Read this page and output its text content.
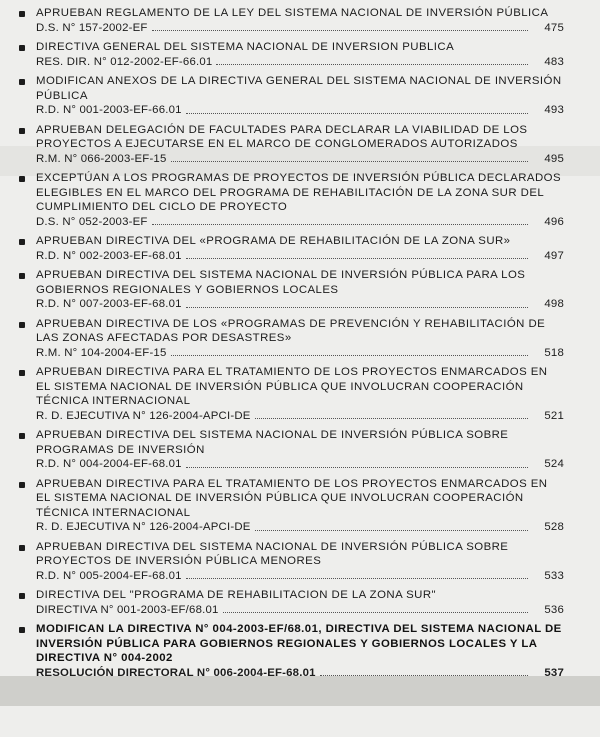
APRUEBAN REGLAMENTO DE LA LEY DEL SISTEMA NACIONAL DE INVERSIÓN PÚBLICA

D.S. N° 157-2002-EF	475

DIRECTIVA GENERAL DEL SISTEMA NACIONAL DE INVERSION PUBLICA

RES. DIR. N° 012-2002-EF-66.01	483

MODIFICAN ANEXOS DE LA DIRECTIVA GENERAL DEL SISTEMA NACIONAL DE INVERSIÓN PÚBLICA

R.D. N° 001-2003-EF-66.01	493

APRUEBAN DELEGACIÓN DE FACULTADES PARA DECLARAR LA VIABILIDAD DE LOS PROYECTOS A EJECUTARSE EN EL MARCO DE CONGLOMERADOS AUTORIZADOS

R.M. N° 066-2003-EF-15	495

EXCEPTÚAN A LOS PROGRAMAS DE PROYECTOS DE INVERSIÓN PÚBLICA DECLARADOS ELEGIBLES EN EL MARCO DEL PROGRAMA DE REHABILITACIÓN DE LA ZONA SUR DEL CUMPLIMIENTO DEL CICLO DE PROYECTO

D.S. N° 052-2003-EF	496

APRUEBAN DIRECTIVA DEL «PROGRAMA DE REHABILITACIÓN DE LA ZONA SUR»

R.D. N° 002-2003-EF-68.01	497

APRUEBAN DIRECTIVA DEL SISTEMA NACIONAL DE INVERSIÓN PÚBLICA PARA LOS GOBIERNOS REGIONALES Y GOBIERNOS LOCALES

R.D. N° 007-2003-EF-68.01	498

APRUEBAN DIRECTIVA DE LOS «PROGRAMAS DE PREVENCIÓN Y REHABILITACIÓN DE LAS ZONAS AFECTADAS POR DESASTRES»

R.M. N° 104-2004-EF-15	518

APRUEBAN DIRECTIVA PARA EL TRATAMIENTO DE LOS PROYECTOS ENMARCADOS EN EL SISTEMA NACIONAL DE INVERSIÓN PÚBLICA QUE INVOLUCRAN COOPERACIÓN TÉCNICA INTERNACIONAL

R. D. EJECUTIVA N° 126-2004-APCI-DE	521

APRUEBAN DIRECTIVA DEL SISTEMA NACIONAL DE INVERSIÓN PÚBLICA SOBRE PROGRAMAS DE INVERSIÓN

R.D. N° 004-2004-EF-68.01	524

APRUEBAN DIRECTIVA PARA EL TRATAMIENTO DE LOS PROYECTOS ENMARCADOS EN EL SISTEMA NACIONAL DE INVERSIÓN PÚBLICA QUE INVOLUCRAN COOPERACIÓN TÉCNICA INTERNACIONAL

R. D. EJECUTIVA N° 126-2004-APCI-DE	528

APRUEBAN DIRECTIVA DEL SISTEMA NACIONAL DE INVERSIÓN PÚBLICA SOBRE PROYECTOS DE INVERSIÓN PÚBLICA MENORES

R.D. N° 005-2004-EF-68.01	533

DIRECTIVA DEL "PROGRAMA DE REHABILITACION DE LA ZONA SUR"

DIRECTIVA N° 001-2003-EF/68.01	536

MODIFICAN LA DIRECTIVA N° 004-2003-EF/68.01, DIRECTIVA DEL SISTEMA NACIONAL DE INVERSIÓN PÚBLICA PARA GOBIERNOS REGIONALES Y GOBIERNOS LOCALES Y LA DIRECTIVA N° 004-2002

RESOLUCIÓN DIRECTORAL N° 006-2004-EF-68.01	537
